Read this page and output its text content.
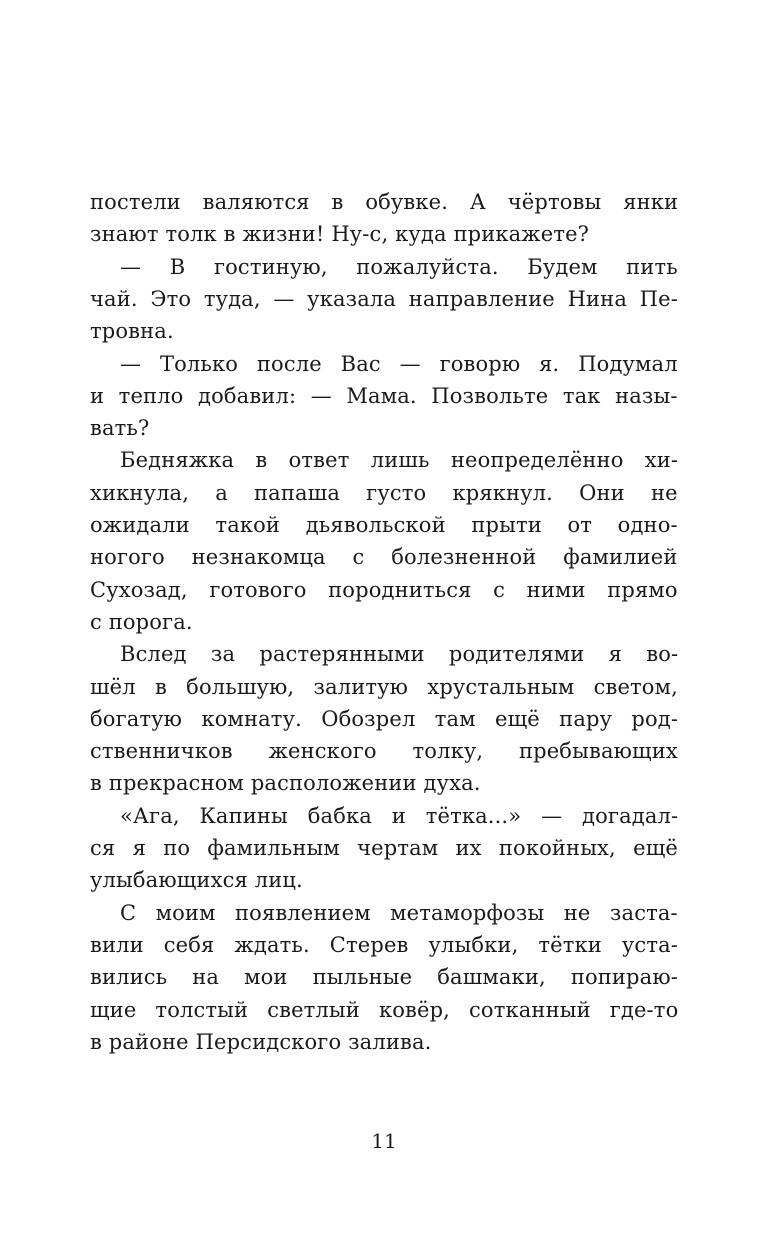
постели валяются в обувке. А чёртовы янки
знают толк в жизни! Ну-с, куда прикажете?
— В гостиную, пожалуйста. Будем пить
чай. Это туда, — указала направление Нина Пе-
тровна.
— Только после Вас — говорю я. Подумал
и тепло добавил: — Мама. Позвольте так назы-
вать?
Бедняжка в ответ лишь неопределённо хи-
хикнула, а папаша густо крякнул. Они не
ожидали такой дьявольской прыти от одно-
ногого незнакомца с болезненной фамилией
Сухозад, готового породниться с ними прямо
с порога.
Вслед за растерянными родителями я во-
шёл в большую, залитую хрустальным светом,
богатую комнату. Обозрел там ещё пару род-
ственничков женского толку, пребывающих
в прекрасном расположении духа.
«Ага, Капины бабка и тётка...» — догадал-
ся я по фамильным чертам их покойных, ещё
улыбающихся лиц.
С моим появлением метаморфозы не заста-
вили себя ждать. Стерев улыбки, тётки уста-
вились на мои пыльные башмаки, попираю-
щие толстый светлый ковёр, сотканный где-то
в районе Персидского залива.
11
